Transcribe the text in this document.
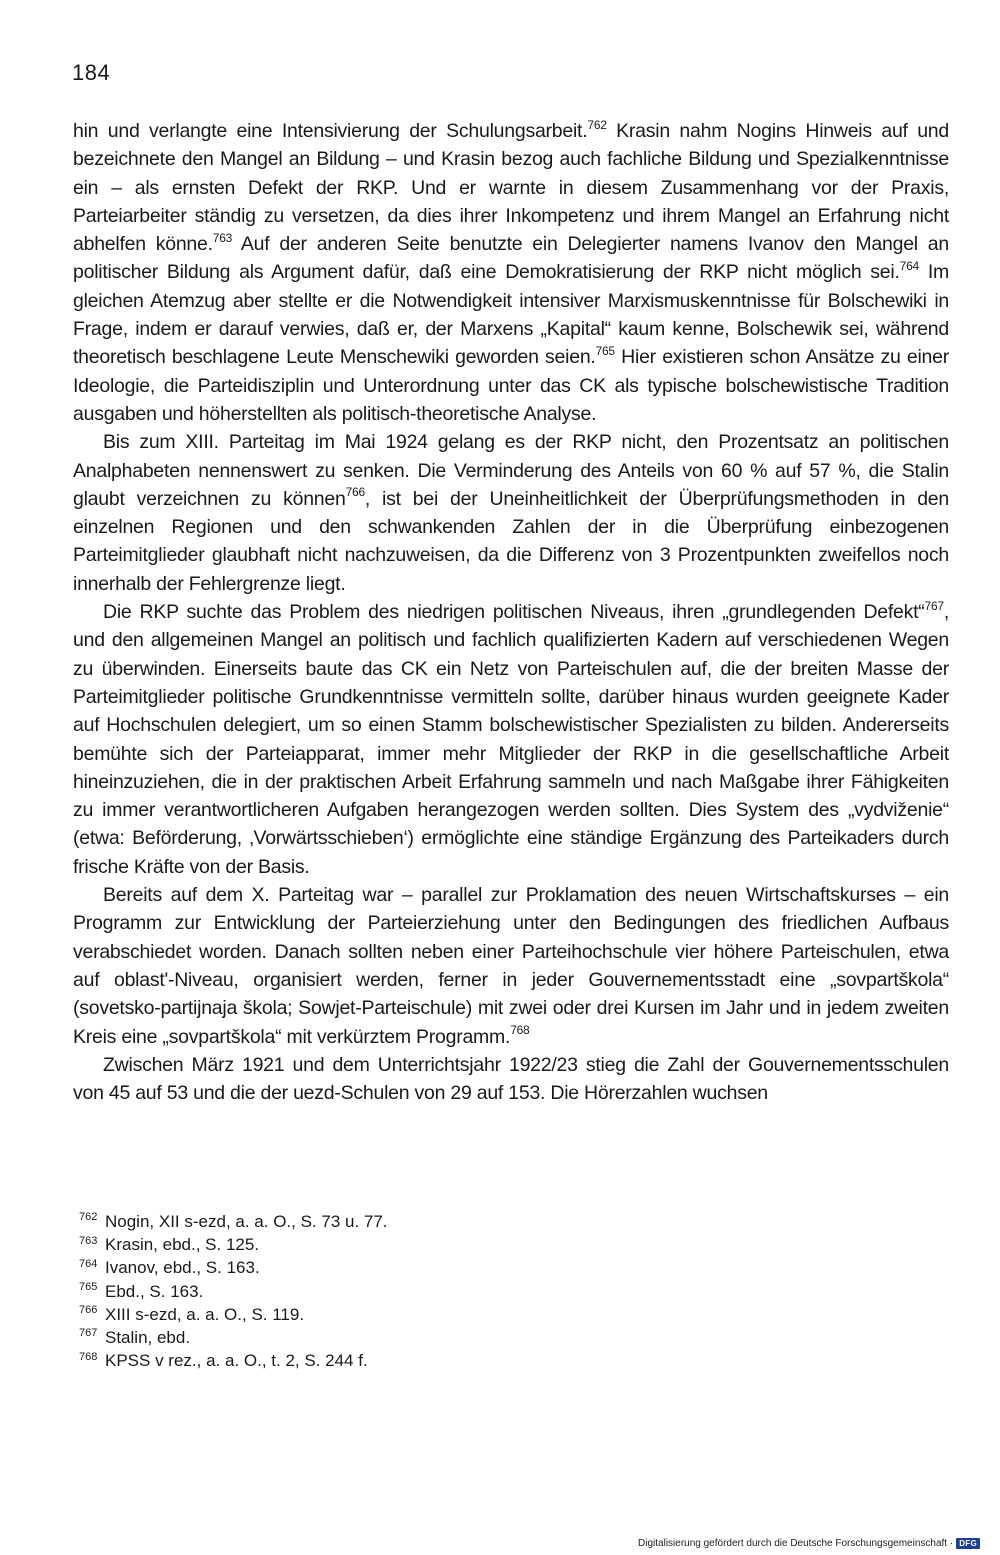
184

hin und verlangte eine Intensivierung der Schulungsarbeit.$^{762}$ Krasin nahm Nogins Hinweis auf und bezeichnete den Mangel an Bildung – und Krasin bezog auch fachliche Bildung und Spezialkenntnisse ein – als ernsten Defekt der RKP. Und er warnte in diesem Zusammenhang vor der Praxis, Parteiarbeiter ständig zu versetzen, da dies ihrer Inkompetenz und ihrem Mangel an Erfahrung nicht abhelfen könne.$^{763}$ Auf der anderen Seite benutzte ein Delegierter namens Ivanov den Mangel an politischer Bildung als Argument dafür, daß eine Demokratisierung der RKP nicht möglich sei.$^{764}$ Im gleichen Atemzug aber stellte er die Notwendigkeit intensiver Marxismuskenntnisse für Bolschewiki in Frage, indem er darauf verwies, daß er, der Marxens „Kapital“ kaum kenne, Bolschewik sei, während theoretisch beschlagene Leute Menschewiki geworden seien.$^{765}$ Hier existieren schon Ansätze zu einer Ideologie, die Parteidisziplin und Unterordnung unter das CK als typische bolschewistische Tradition ausgaben und höherstellten als politisch-theoretische Analyse.

Bis zum XIII. Parteitag im Mai 1924 gelang es der RKP nicht, den Prozentsatz an politischen Analphabeten nennenswert zu senken. Die Verminderung des Anteils von 60 % auf 57 %, die Stalin glaubt verzeichnen zu können$^{766}$, ist bei der Uneinheitlichkeit der Überprüfungsmethoden in den einzelnen Regionen und den schwankenden Zahlen der in die Überprüfung einbezogenen Parteimitglieder glaubhaft nicht nachzuweisen, da die Differenz von 3 Prozentpunkten zweifellos noch innerhalb der Fehlergrenze liegt.

Die RKP suchte das Problem des niedrigen politischen Niveaus, ihren „grundlegenden Defekt“$^{767}$, und den allgemeinen Mangel an politisch und fachlich qualifizierten Kadern auf verschiedenen Wegen zu überwinden. Einerseits baute das CK ein Netz von Parteischulen auf, die der breiten Masse der Parteimitglieder politische Grundkenntnisse vermitteln sollte, darüber hinaus wurden geeignete Kader auf Hochschulen delegiert, um so einen Stamm bolschewistischer Spezialisten zu bilden. Andererseits bemühte sich der Parteiapparat, immer mehr Mitglieder der RKP in die gesellschaftliche Arbeit hineinzuziehen, die in der praktischen Arbeit Erfahrung sammeln und nach Maßgabe ihrer Fähigkeiten zu immer verantwortlicheren Aufgaben herangezogen werden sollten. Dies System des „vydviženie“ (etwa: Beförderung, ‚Vorwärtsschieben‘) ermöglichte eine ständige Ergänzung des Parteikaders durch frische Kräfte von der Basis.

Bereits auf dem X. Parteitag war – parallel zur Proklamation des neuen Wirtschaftskurses – ein Programm zur Entwicklung der Parteierziehung unter den Bedingungen des friedlichen Aufbaus verabschiedet worden. Danach sollten neben einer Parteihochschule vier höhere Parteischulen, etwa auf oblast'-Niveau, organisiert werden, ferner in jeder Gouvernementsstadt eine „sovpartškola“ (sovetsko-partijnaja škola; Sowjet-Parteischule) mit zwei oder drei Kursen im Jahr und in jedem zweiten Kreis eine „sovpartškola“ mit verkürztem Programm.$^{768}$

Zwischen März 1921 und dem Unterrichtsjahr 1922/23 stieg die Zahl der Gouvernementsschulen von 45 auf 53 und die der uezd-Schulen von 29 auf 153. Die Hörerzahlen wuchsen

762 Nogin, XII s-ezd, a. a. O., S. 73 u. 77.
763 Krasin, ebd., S. 125.
764 Ivanov, ebd., S. 163.
765 Ebd., S. 163.
766 XIII s-ezd, a. a. O., S. 119.
767 Stalin, ebd.
768 KPSS v rez., a. a. O., t. 2, S. 244 f.
Digitalisierung gefördert durch die Deutsche Forschungsgemeinschaft · DFG
